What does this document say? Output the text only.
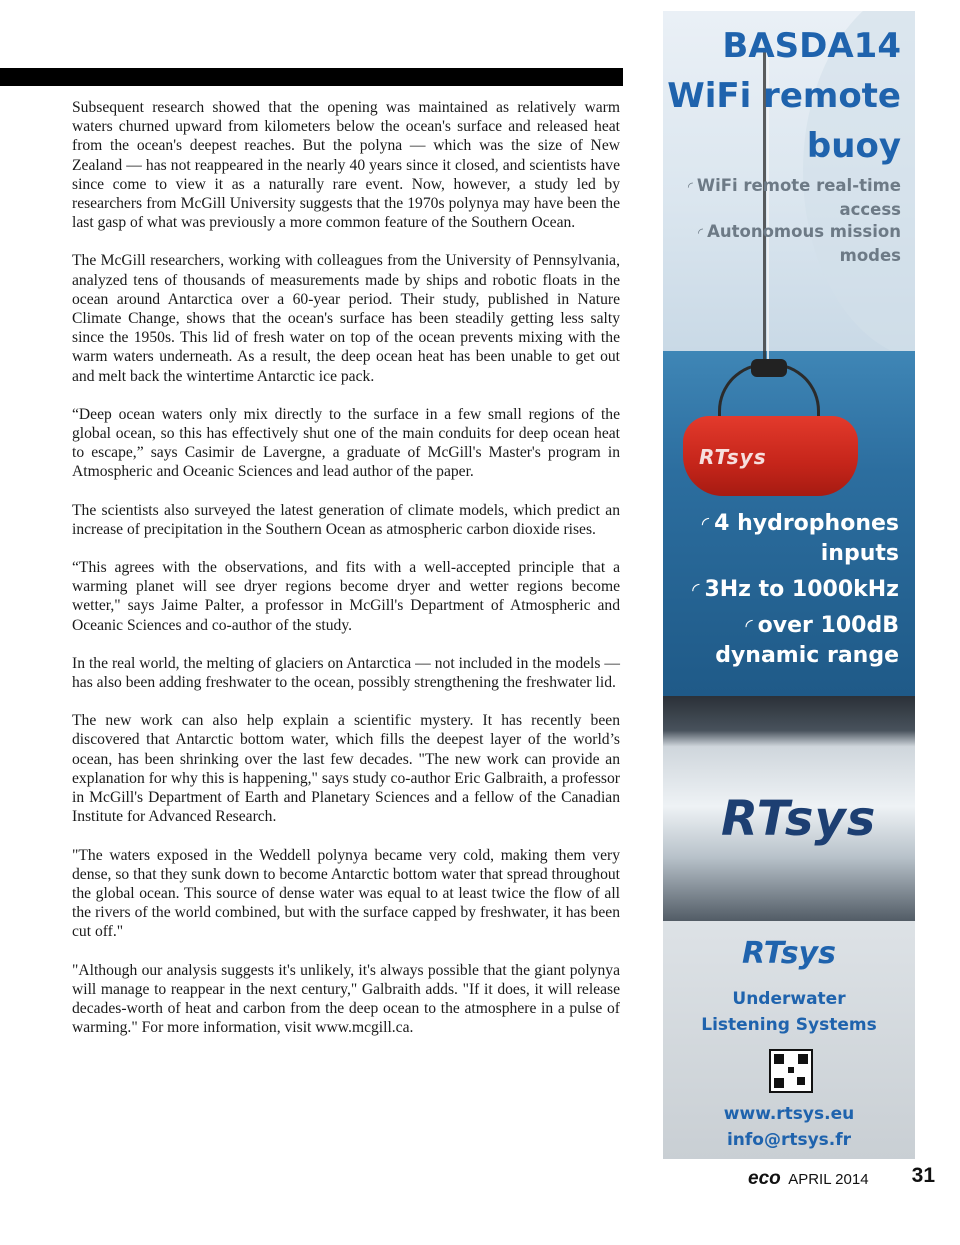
Subsequent research showed that the opening was maintained as relatively warm waters churned upward from kilometers below the ocean's surface and released heat from the ocean's deepest reaches. But the polyna — which was the size of New Zealand — has not reappeared in the nearly 40 years since it closed, and scientists have since come to view it as a naturally rare event. Now, however, a study led by researchers from McGill University suggests that the 1970s polynya may have been the last gasp of what was previously a more common feature of the Southern Ocean.

The McGill researchers, working with colleagues from the University of Pennsylvania, analyzed tens of thousands of measurements made by ships and robotic floats in the ocean around Antarctica over a 60-year period. Their study, published in Nature Climate Change, shows that the ocean's surface has been steadily getting less salty since the 1950s. This lid of fresh water on top of the ocean prevents mixing with the warm waters underneath. As a result, the deep ocean heat has been unable to get out and melt back the wintertime Antarctic ice pack.

“Deep ocean waters only mix directly to the surface in a few small regions of the global ocean, so this has effectively shut one of the main conduits for deep ocean heat to escape,” says Casimir de Lavergne, a graduate of McGill's Master's program in Atmospheric and Oceanic Sciences and lead author of the paper.

The scientists also surveyed the latest generation of climate models, which predict an increase of precipitation in the Southern Ocean as atmospheric carbon dioxide rises.

“This agrees with the observations, and fits with a well-accepted principle that a warming planet will see dryer regions become dryer and wetter regions become wetter," says Jaime Palter, a professor in McGill's Department of Atmospheric and Oceanic Sciences and co-author of the study.

In the real world, the melting of glaciers on Antarctica — not included in the models — has also been adding freshwater to the ocean, possibly strengthening the freshwater lid.

The new work can also help explain a scientific mystery. It has recently been discovered that Antarctic bottom water, which fills the deepest layer of the world’s ocean, has been shrinking over the last few decades. "The new work can provide an explanation for why this is happening," says study co-author Eric Galbraith, a professor in McGill's Department of Earth and Planetary Sciences and a fellow of the Canadian Institute for Advanced Research.

"The waters exposed in the Weddell polynya became very cold, making them very dense, so that they sunk down to become Antarctic bottom water that spread throughout the global ocean. This source of dense water was equal to at least twice the flow of all the rivers of the world combined, but with the surface capped by freshwater, it has been cut off."

"Although our analysis suggests it's unlikely, it's always possible that the giant polynya will manage to reappear in the next century," Galbraith adds. "If it does, it will release decades-worth of heat and carbon from the deep ocean to the atmosphere in a pulse of warming." For more information, visit www.mcgill.ca.

RTsys
BASDA14
WiFi remote
buoy
◜ WiFi remote real-time access
◜ Autonomous mission modes
◜ 4 hydrophones inputs
◜ 3Hz to 1000kHz
◜ over 100dB dynamic range
RTsys
RTsys
Underwater
Listening Systems
www.rtsys.eu
info@rtsys.fr
eco APRIL 2014 31
